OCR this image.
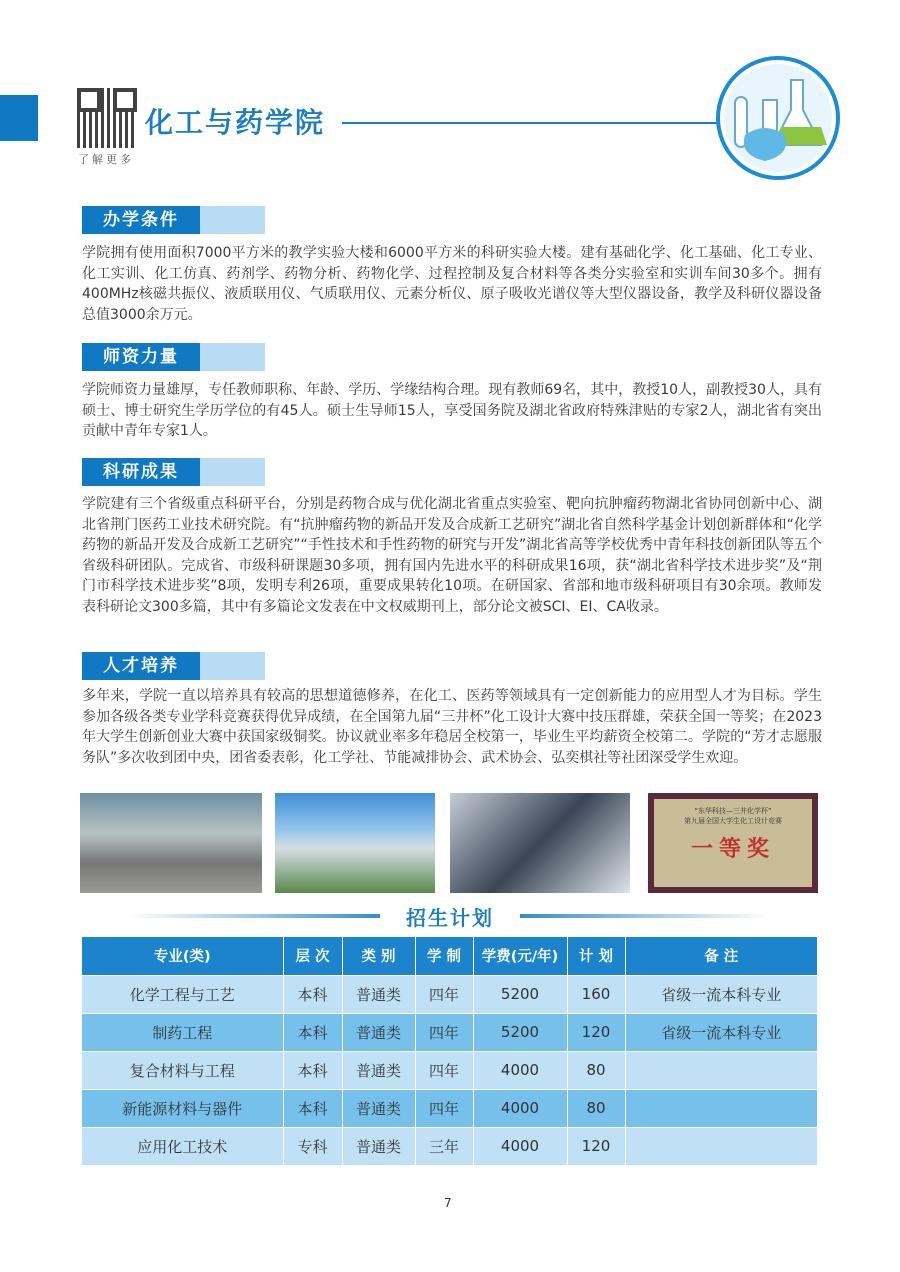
了解更多
化工与药学院
办学条件
学院拥有使用面积7000平方米的教学实验大楼和6000平方米的科研实验大楼。建有基础化学、化工基础、化工专业、化工实训、化工仿真、药剂学、药物分析、药物化学、过程控制及复合材料等各类分实验室和实训车间30多个。拥有400MHz核磁共振仪、液质联用仪、气质联用仪、元素分析仪、原子吸收光谱仪等大型仪器设备，教学及科研仪器设备总值3000余万元。
师资力量
学院师资力量雄厚，专任教师职称、年龄、学历、学缘结构合理。现有教师69名，其中，教授10人，副教授30人，具有硕士、博士研究生学历学位的有45人。硕士生导师15人，享受国务院及湖北省政府特殊津贴的专家2人，湖北省有突出贡献中青年专家1人。
科研成果
学院建有三个省级重点科研平台，分别是药物合成与优化湖北省重点实验室、靶向抗肿瘤药物湖北省协同创新中心、湖北省荆门医药工业技术研究院。有“抗肿瘤药物的新品开发及合成新工艺研究”湖北省自然科学基金计划创新群体和“化学药物的新品开发及合成新工艺研究”“手性技术和手性药物的研究与开发”湖北省高等学校优秀中青年科技创新团队等五个省级科研团队。完成省、市级科研课题30多项，拥有国内先进水平的科研成果16项，获“湖北省科学技术进步奖”及“荆门市科学技术进步奖”8项，发明专利26项，重要成果转化10项。在研国家、省部和地市级科研项目有30余项。教师发表科研论文300多篇，其中有多篇论文发表在中文权威期刊上，部分论文被SCI、EI、CA收录。
人才培养
多年来，学院一直以培养具有较高的思想道德修养，在化工、医药等领域具有一定创新能力的应用型人才为目标。学生参加各级各类专业学科竞赛获得优异成绩，在全国第九届“三井杯”化工设计大赛中技压群雄，荣获全国一等奖；在2023年大学生创新创业大赛中获国家级铜奖。协议就业率多年稳居全校第一，毕业生平均薪资全校第二。学院的“芳才志愿服务队”多次收到团中央，团省委表彰，化工学社、节能减排协会、武术协会、弘奕棋社等社团深受学生欢迎。
“东华科技—三井化学杯”
第九届全国大学生化工设计竞赛
一等奖
招生计划
专业(类)	层 次	类 别	学 制	学费(元/年)	计 划	备 注
化学工程与工艺	本科	普通类	四年	5200	160	省级一流本科专业
制药工程	本科	普通类	四年	5200	120	省级一流本科专业
复合材料与工程	本科	普通类	四年	4000	80	
新能源材料与器件	本科	普通类	四年	4000	80	
应用化工技术	专科	普通类	三年	4000	120	
7
